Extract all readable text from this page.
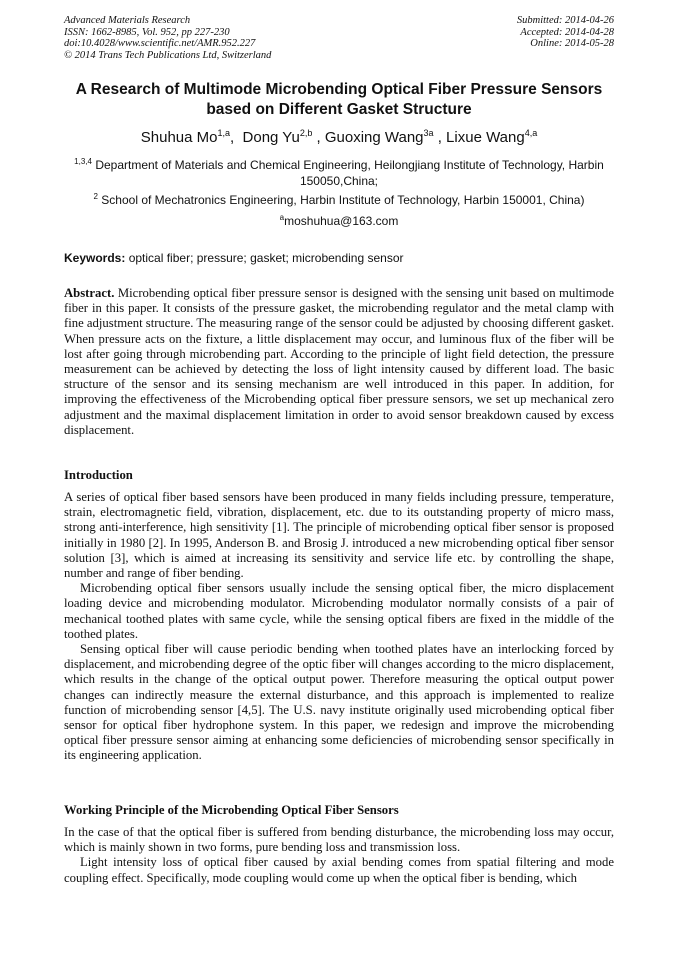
Advanced Materials Research
ISSN: 1662-8985, Vol. 952, pp 227-230
doi:10.4028/www.scientific.net/AMR.952.227
© 2014 Trans Tech Publications Ltd, Switzerland
Submitted: 2014-04-26
Accepted: 2014-04-28
Online: 2014-05-28
A Research of Multimode Microbending Optical Fiber Pressure Sensors
based on Different Gasket Structure
Shuhua Mo$^{1,a}$,  Dong Yu$^{2,b}$ , Guoxing Wang$^{3a}$ , Lixue Wang$^{4,a}$
$^{1,3,4}$ Department of Materials and Chemical Engineering, Heilongjiang Institute of Technology, Harbin 150050,China;
$^2$ School of Mechatronics Engineering, Harbin Institute of Technology, Harbin 150001, China)
$^a$moshuhua@163.com
Keywords: optical fiber; pressure; gasket; microbending sensor

Abstract. Microbending optical fiber pressure sensor is designed with the sensing unit based on multimode fiber in this paper. It consists of the pressure gasket, the microbending regulator and the metal clamp with fine adjustment structure. The measuring range of the sensor could be adjusted by choosing different gasket. When pressure acts on the fixture, a little displacement may occur, and luminous flux of the fiber will be lost after going through microbending part. According to the principle of light field detection, the pressure measurement can be achieved by detecting the loss of light intensity caused by different load. The basic structure of the sensor and its sensing mechanism are well introduced in this paper. In addition, for improving the effectiveness of the Microbending optical fiber pressure sensors, we set up mechanical zero adjustment and the maximal displacement limitation in order to avoid sensor breakdown caused by excess displacement.

Introduction

A series of optical fiber based sensors have been produced in many fields including pressure, temperature, strain, electromagnetic field, vibration, displacement, etc. due to its outstanding property of micro mass, strong anti-interference, high sensitivity [1]. The principle of microbending optical fiber sensor is proposed initially in 1980 [2]. In 1995, Anderson B. and Brosig J. introduced a new microbending optical fiber sensor solution [3], which is aimed at increasing its sensitivity and service life etc. by controlling the shape, number and range of fiber bending.

Microbending optical fiber sensors usually include the sensing optical fiber, the micro displacement loading device and microbending modulator. Microbending modulator normally consists of a pair of mechanical toothed plates with same cycle, while the sensing optical fibers are fixed in the middle of the toothed plates.

Sensing optical fiber will cause periodic bending when toothed plates have an interlocking forced by displacement, and microbending degree of the optic fiber will changes according to the micro displacement, which results in the change of the optical output power. Therefore measuring the optical output power changes can indirectly measure the external disturbance, and this approach is implemented to realize function of microbending sensor [4,5]. The U.S. navy institute originally used microbending optical fiber sensor for optical fiber hydrophone system. In this paper, we redesign and improve the microbending optical fiber pressure sensor aiming at enhancing some deficiencies of microbending sensor specifically in its engineering application.

Working Principle of the Microbending Optical Fiber Sensors

In the case of that the optical fiber is suffered from bending disturbance, the microbending loss may occur, which is mainly shown in two forms, pure bending loss and transmission loss.

Light intensity loss of optical fiber caused by axial bending comes from spatial filtering and mode coupling effect. Specifically, mode coupling would come up when the optical fiber is bending, which
